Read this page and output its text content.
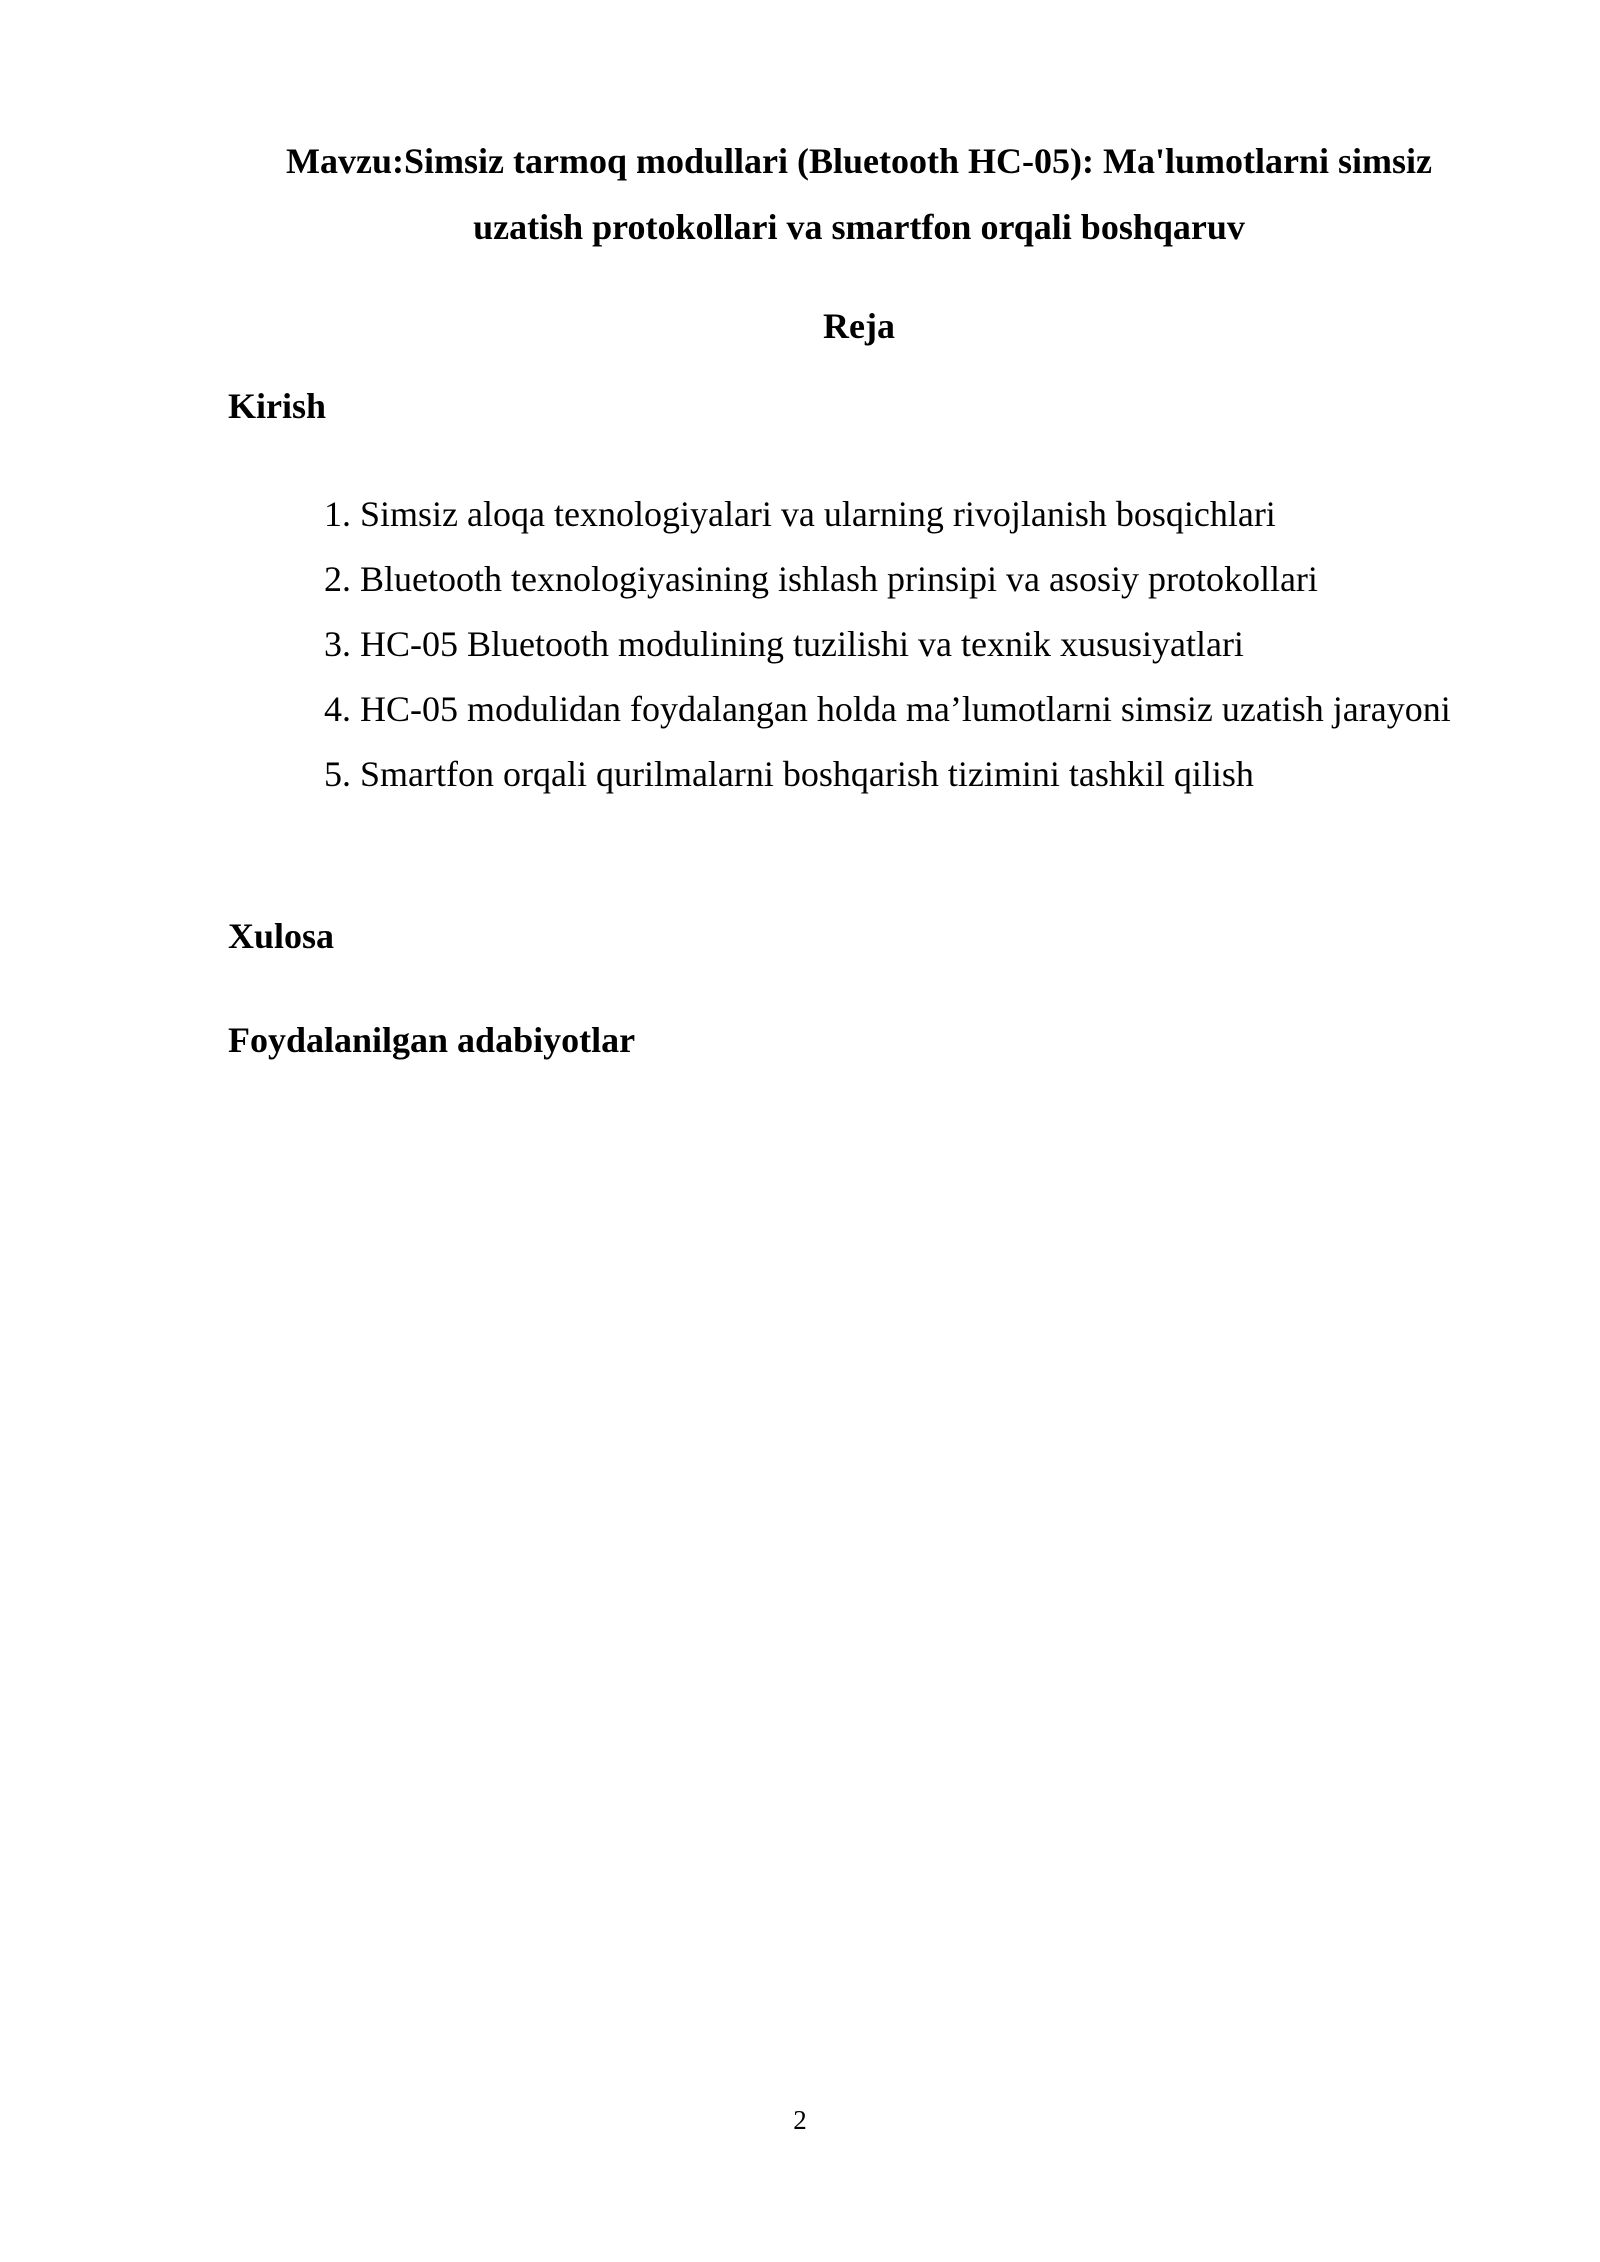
Mavzu:Simsiz tarmoq modullari (Bluetooth HC-05): Ma'lumotlarni simsiz
uzatish protokollari va smartfon orqali boshqaruv
Reja
Kirish
1. Simsiz aloqa texnologiyalari va ularning rivojlanish bosqichlari
2. Bluetooth texnologiyasining ishlash prinsipi va asosiy protokollari
3. HC-05 Bluetooth modulining tuzilishi va texnik xususiyatlari
4. HC-05 modulidan foydalangan holda ma’lumotlarni simsiz uzatish jarayoni
5. Smartfon orqali qurilmalarni boshqarish tizimini tashkil qilish
Xulosa
Foydalanilgan adabiyotlar
2
